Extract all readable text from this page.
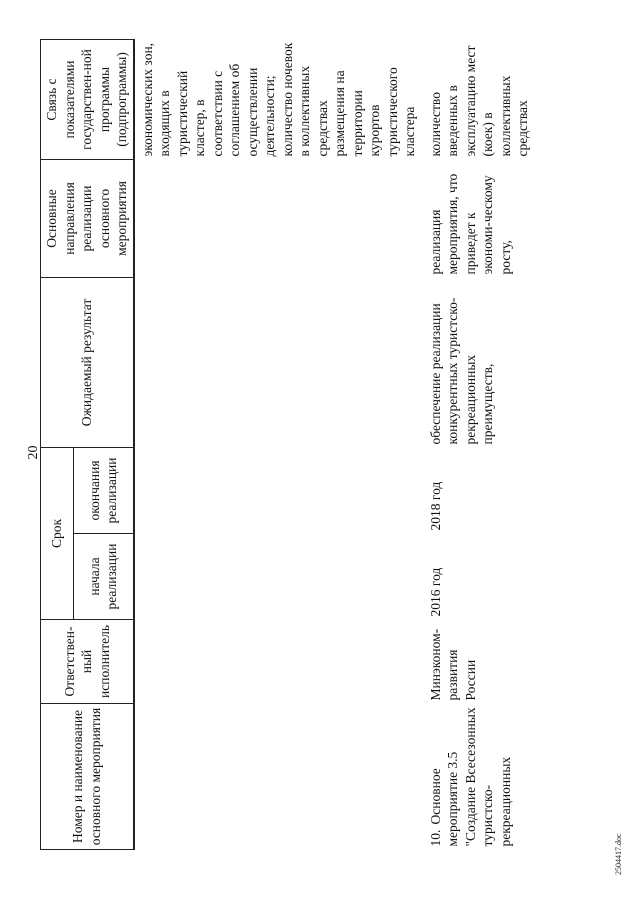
20
Номер и наименование основного мероприятия	Ответствен-ный исполнитель	Срок		Ожидаемый результат	Основные направления реализации основного мероприятия	Связь с показателями государствен-ной программы (подпрограммы)
		начала реализации	окончания реализации			
						экономических зон, входящих в туристический кластер, в соответствии с соглашением об осуществлении деятельности; количество ночевок в коллективных средствах размещения на территории курортов туристического кластера
10.Основное мероприятие 3.5 "Создание Всесезонных туристско-рекреационных	Минэконом-развития России	2016 год	2018 год	обеспечение реализации конкурентных туристско-рекреационных преимуществ,	реализация мероприятия, что приведет к экономи-ческому росту,	количество введенных в эксплуатацию мест (коек) в коллективных средствах
2504417.doc
